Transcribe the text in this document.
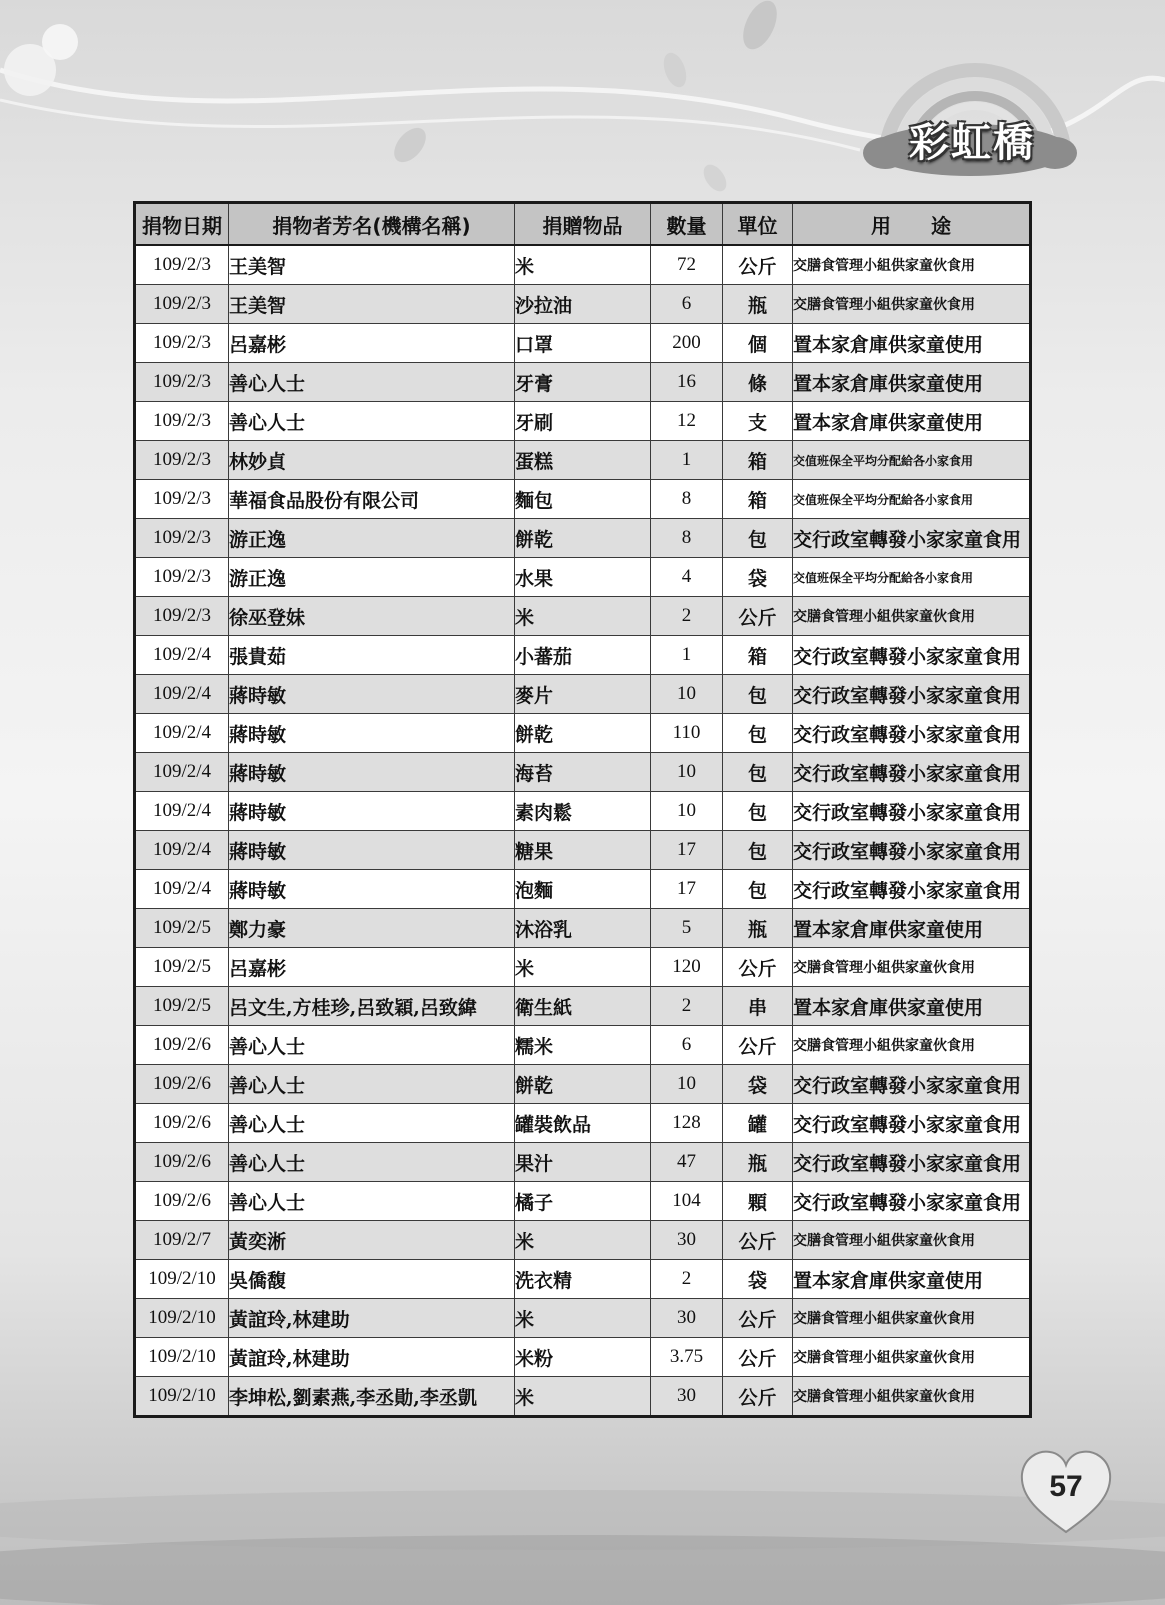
彩虹橋
捐物日期	捐物者芳名(機構名稱)	捐贈物品	數量	單位	用　　途
109/2/3	王美智	米	72	公斤	交膳食管理小組供家童伙食用
109/2/3	王美智	沙拉油	6	瓶	交膳食管理小組供家童伙食用
109/2/3	呂嘉彬	口罩	200	個	置本家倉庫供家童使用
109/2/3	善心人士	牙膏	16	條	置本家倉庫供家童使用
109/2/3	善心人士	牙刷	12	支	置本家倉庫供家童使用
109/2/3	林妙貞	蛋糕	1	箱	交值班保全平均分配給各小家食用
109/2/3	華福食品股份有限公司	麵包	8	箱	交值班保全平均分配給各小家食用
109/2/3	游正逸	餅乾	8	包	交行政室轉發小家家童食用
109/2/3	游正逸	水果	4	袋	交值班保全平均分配給各小家食用
109/2/3	徐巫登妹	米	2	公斤	交膳食管理小組供家童伙食用
109/2/4	張貴茹	小蕃茄	1	箱	交行政室轉發小家家童食用
109/2/4	蔣時敏	麥片	10	包	交行政室轉發小家家童食用
109/2/4	蔣時敏	餅乾	110	包	交行政室轉發小家家童食用
109/2/4	蔣時敏	海苔	10	包	交行政室轉發小家家童食用
109/2/4	蔣時敏	素肉鬆	10	包	交行政室轉發小家家童食用
109/2/4	蔣時敏	糖果	17	包	交行政室轉發小家家童食用
109/2/4	蔣時敏	泡麵	17	包	交行政室轉發小家家童食用
109/2/5	鄭力豪	沐浴乳	5	瓶	置本家倉庫供家童使用
109/2/5	呂嘉彬	米	120	公斤	交膳食管理小組供家童伙食用
109/2/5	呂文生,方桂珍,呂致穎,呂致緯	衛生紙	2	串	置本家倉庫供家童使用
109/2/6	善心人士	糯米	6	公斤	交膳食管理小組供家童伙食用
109/2/6	善心人士	餅乾	10	袋	交行政室轉發小家家童食用
109/2/6	善心人士	罐裝飲品	128	罐	交行政室轉發小家家童食用
109/2/6	善心人士	果汁	47	瓶	交行政室轉發小家家童食用
109/2/6	善心人士	橘子	104	顆	交行政室轉發小家家童食用
109/2/7	黃奕淅	米	30	公斤	交膳食管理小組供家童伙食用
109/2/10	吳僑馥	洗衣精	2	袋	置本家倉庫供家童使用
109/2/10	黃誼玲,林建助	米	30	公斤	交膳食管理小組供家童伙食用
109/2/10	黃誼玲,林建助	米粉	3.75	公斤	交膳食管理小組供家童伙食用
109/2/10	李坤松,劉素燕,李丞勛,李丞凱	米	30	公斤	交膳食管理小組供家童伙食用
57
